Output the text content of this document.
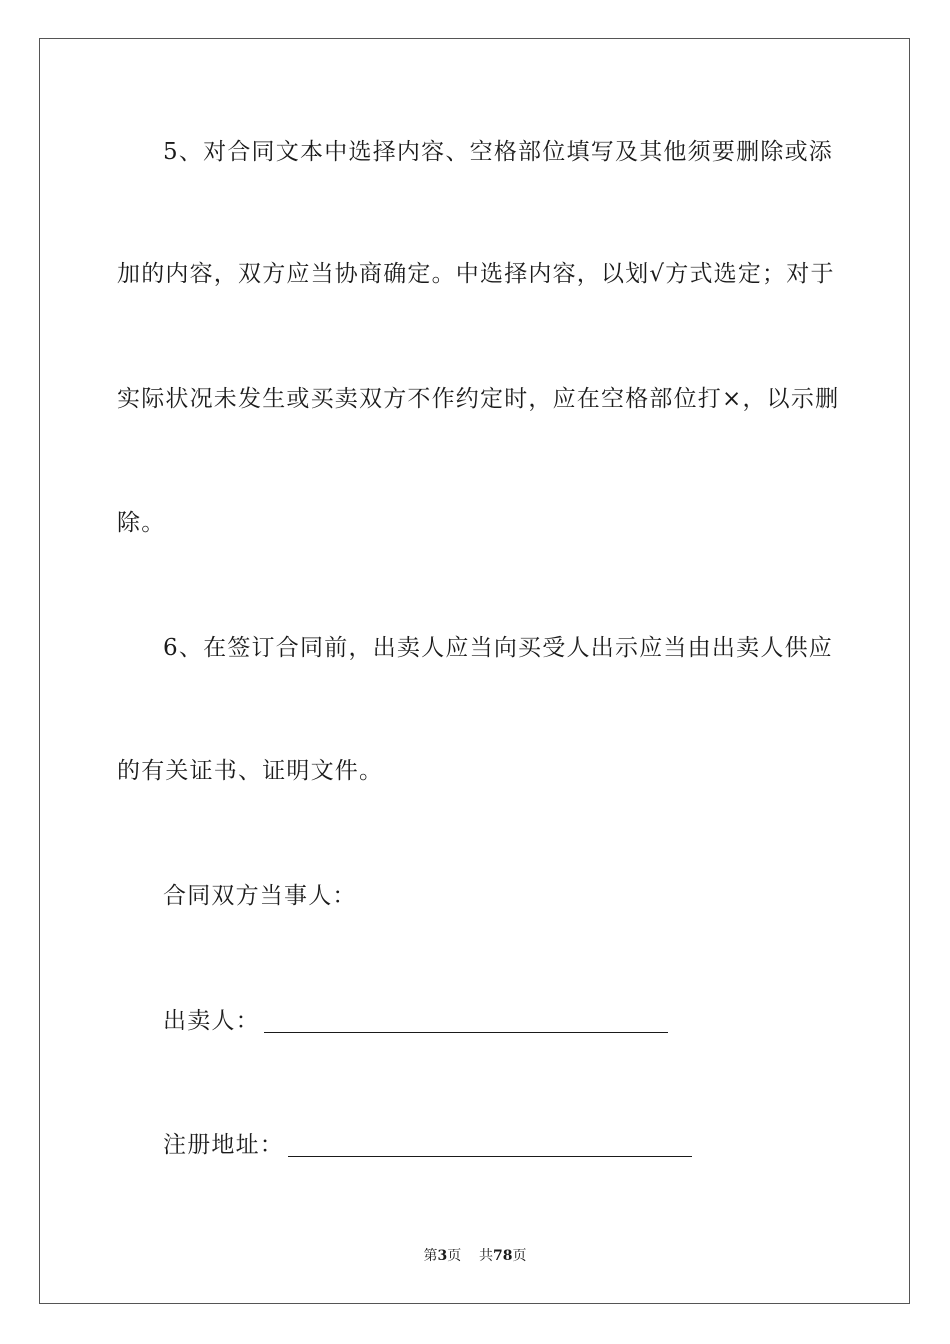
5、对合同文本中选择内容、空格部位填写及其他须要删除或添
加的内容，双方应当协商确定。中选择内容，以划√方式选定；对于
实际状况未发生或买卖双方不作约定时，应在空格部位打×，以示删
除。
6、在签订合同前，出卖人应当向买受人出示应当由出卖人供应
的有关证书、证明文件。
合同双方当事人：
出卖人：
注册地址：
第3页 共78页
